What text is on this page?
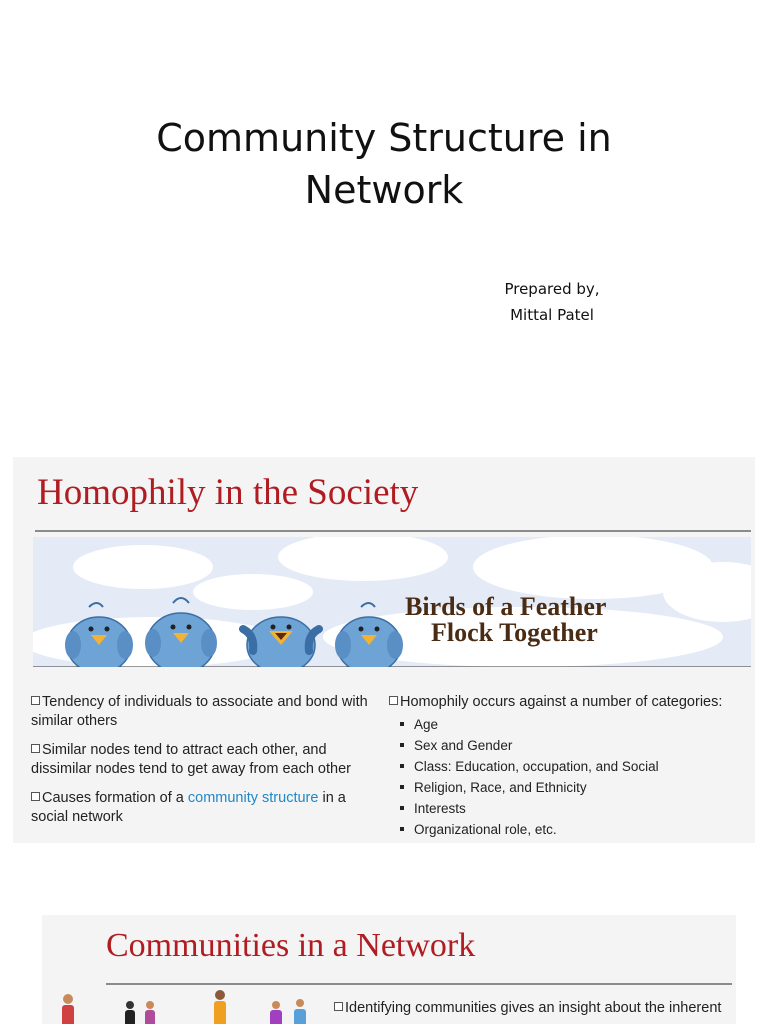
Community Structure in
Network
Prepared by,
Mittal Patel
Homophily in the Society
Birds of a Feather
Flock Together
Tendency of individuals to associate and bond with similar others
Similar nodes tend to attract each other, and dissimilar nodes tend to get away from each other
Causes formation of a community structure in a social network
Homophily occurs against a number of categories:
Age
Sex and Gender
Class: Education, occupation, and Social
Religion, Race, and Ethnicity
Interests
Organizational role, etc.
Communities in a Network
Identifying communities gives an insight about the inherent
